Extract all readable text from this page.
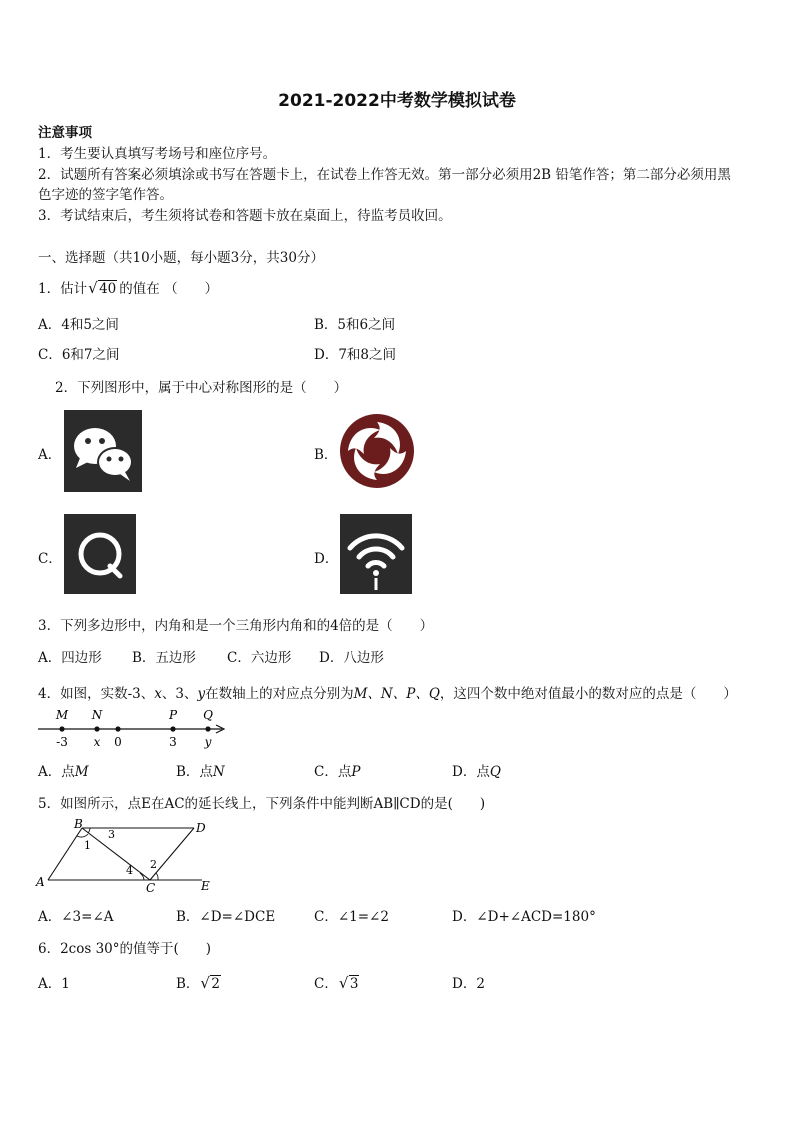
2021-2022中考数学模拟试卷
注意事项
1．考生要认真填写考场号和座位序号。
2．试题所有答案必须填涂或书写在答题卡上，在试卷上作答无效。第一部分必须用2B 铅笔作答；第二部分必须用黑
色字迹的签字笔作答。
3．考试结束后，考生须将试卷和答题卡放在桌面上，待监考员收回。
一、选择题（共10小题，每小题3分，共30分）
1．估计 √ 40 的值在 （　　）
A．4和5之间	B．5和6之间
C．6和7之间	D．7和8之间
2．下列图形中，属于中心对称图形的是（　　）
A．	B．
C．	D．
3．下列多边形中，内角和是一个三角形内角和的4倍的是（　　）
A．四边形 B．五边形 C．六边形 D．八边形
4．如图，实数-3、x、3、y在数轴上的对应点分别为M、N、P、Q，这四个数中绝对值最小的数对应的点是（　　）
M
-3
N
x 0
P
3
Q
y
A．点M	B．点N	C．点P	D．点Q
5．如图所示，点E在AC的延长线上，下列条件中能判断AB∥CD的是(　　)
B	D
A	C	E
1
3
2
4
A．∠3=∠A	B．∠D=∠DCE	C．∠1=∠2	D．∠D+∠ACD=180°
6．2cos 30°的值等于(　　)
A．1	B． √ 2	C． √ 3	D．2
